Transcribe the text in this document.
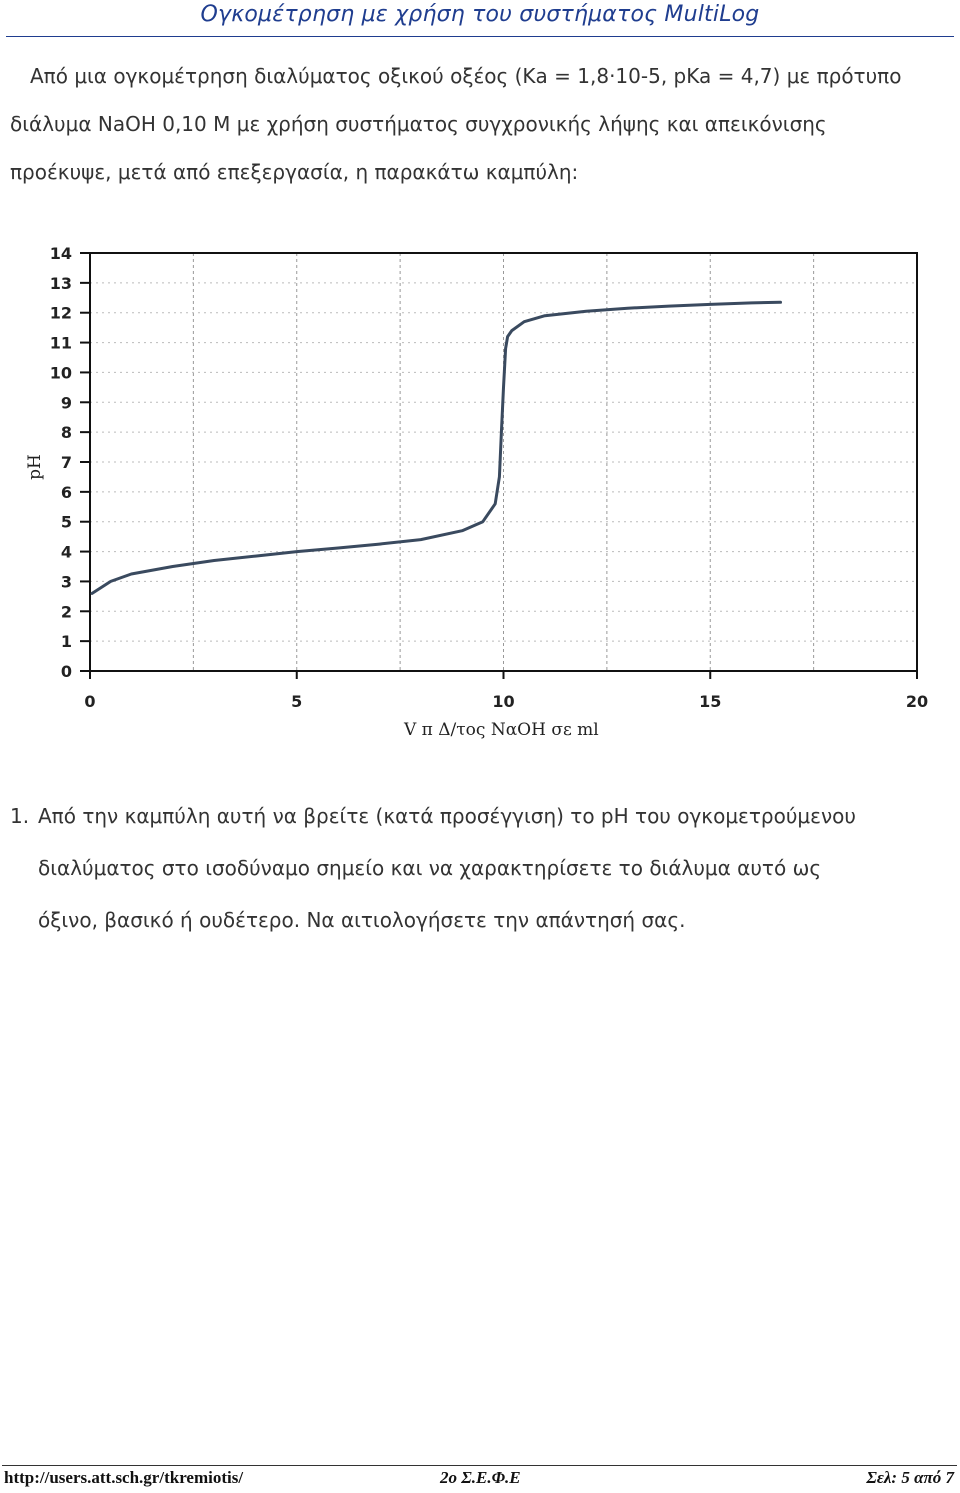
Ογκομέτρηση με χρήση του συστήματος MultiLog
Από μια ογκομέτρηση διαλύματος οξικού οξέος (Κa = 1,8·10-5, pKa = 4,7) με πρότυπο
διάλυμα NaOH 0,10 M με χρήση συστήματος συγχρονικής λήψης και απεικόνισης
προέκυψε, μετά από επεξεργασία, η παρακάτω καμπύλη:
0
1
2
3
4
5
6
7
8
9
10
11
12
13
14
0	5	10	15	20
pH
V π Δ/τος NαOH σε ml
1. Από την καμπύλη αυτή να βρείτε (κατά προσέγγιση) το pH του ογκομετρούμενου
διαλύματος στο ισοδύναμο σημείο και να χαρακτηρίσετε το διάλυμα αυτό ως
όξινο, βασικό ή ουδέτερο. Να αιτιολογήσετε την απάντησή σας.
http://users.att.sch.gr/tkremiotis/	2ο Σ.Ε.Φ.Ε	Σελ: 5 από 7
